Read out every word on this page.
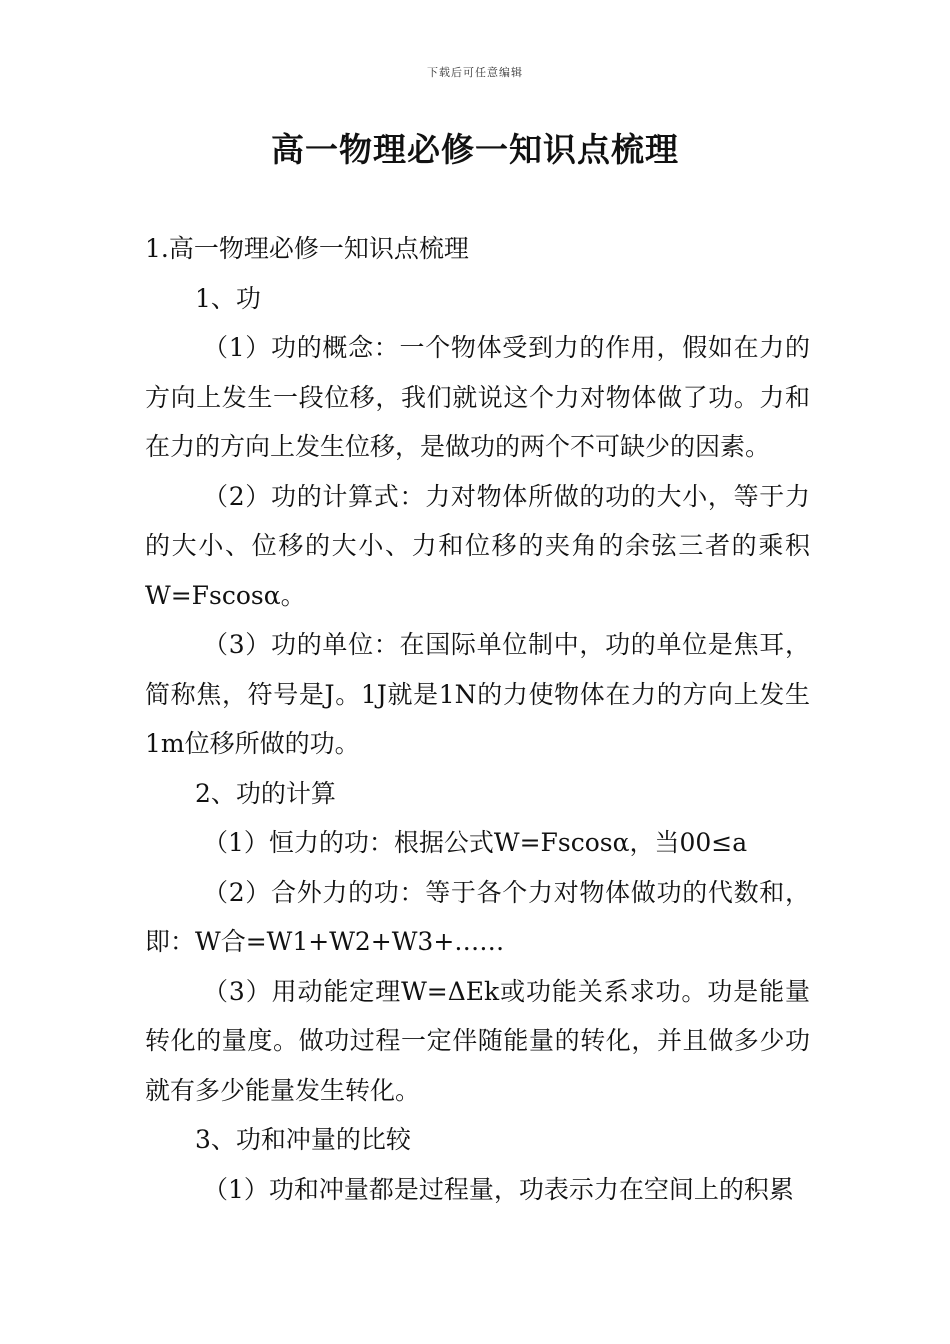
下载后可任意编辑
高一物理必修一知识点梳理

1.高一物理必修一知识点梳理

1、功

（1）功的概念：一个物体受到力的作用，假如在力的方向上发生一段位移，我们就说这个力对物体做了功。力和在力的方向上发生位移，是做功的两个不可缺少的因素。

（2）功的计算式：力对物体所做的功的大小，等于力的大小、位移的大小、力和位移的夹角的余弦三者的乘积W=Fscosα。

（3）功的单位：在国际单位制中，功的单位是焦耳，简称焦，符号是J。1J就是1N的力使物体在力的方向上发生1m位移所做的功。

2、功的计算

（1）恒力的功：根据公式W=Fscosα，当00≤a

（2）合外力的功：等于各个力对物体做功的代数和，即：W合=W1+W2+W3+……

（3）用动能定理W=ΔEk或功能关系求功。功是能量转化的量度。做功过程一定伴随能量的转化，并且做多少功就有多少能量发生转化。

3、功和冲量的比较

（1）功和冲量都是过程量，功表示力在空间上的积累
